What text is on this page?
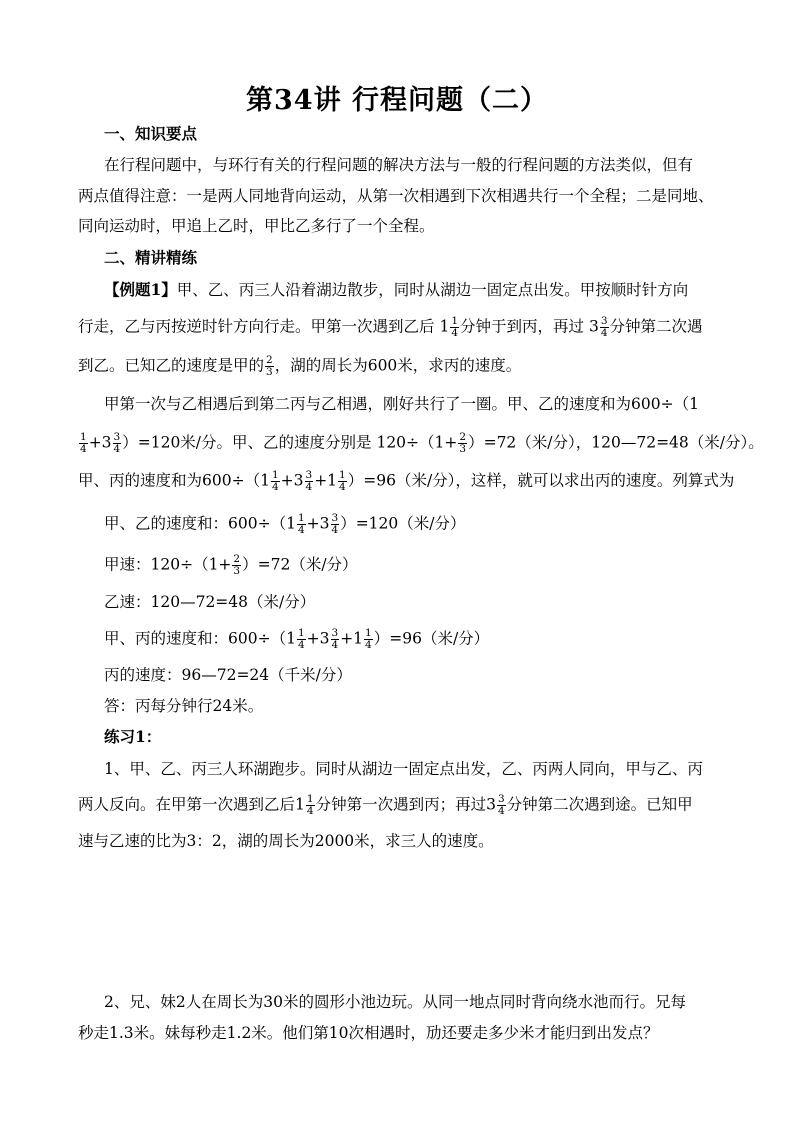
第34讲 行程问题（二）
一、知识要点
在行程问题中，与环行有关的行程问题的解决方法与一般的行程问题的方法类似，但有
两点值得注意：一是两人同地背向运动，从第一次相遇到下次相遇共行一个全程；二是同地、
同向运动时，甲追上乙时，甲比乙多行了一个全程。
二、精讲精练
【例题1】甲、乙、丙三人沿着湖边散步，同时从湖边一固定点出发。甲按顺时针方向
行走，乙与丙按逆时针方向行走。甲第一次遇到乙后 $1 \frac{1}{4}$ 分钟于到丙，再过 $3 \frac{3}{4}$ 分钟第二次遇
到乙。已知乙的速度是甲的 $\frac{2}{3}$ ，湖的周长为600米，求丙的速度。
甲第一次与乙相遇后到第二丙与乙相遇，刚好共行了一圈。甲、乙的速度和为600÷（1
$\frac{1}{4} +3 \frac{3}{4} )=120$米/分。甲、乙的速度分别是 $120\div(1+ \frac{2}{3} )=72$（米/分），120—72=48（米/分）。
甲、丙的速度和为$600\div(1 \frac{1}{4} +3 \frac{3}{4} +1 \frac{1}{4} )=96$（米/分），这样，就可以求出丙的速度。列算式为
甲、乙的速度和：$600\div(1 \frac{1}{4} +3 \frac{3}{4} )=120$（米/分）
甲速：$120\div(1+ \frac{2}{3} )=72$（米/分）
乙速：120—72=48（米/分）
甲、丙的速度和：$600\div(1 \frac{1}{4} +3 \frac{3}{4} +1 \frac{1}{4} )=96$（米/分）
丙的速度：96—72=24（千米/分）
答：丙每分钟行24米。
练习1：
1、甲、乙、丙三人环湖跑步。同时从湖边一固定点出发，乙、丙两人同向，甲与乙、丙
两人反向。在甲第一次遇到乙后$1 \frac{1}{4}$ 分钟第一次遇到丙；再过$3 \frac{3}{4}$ 分钟第二次遇到途。已知甲
速与乙速的比为3：2，湖的周长为2000米，求三人的速度。
2、兄、妹2人在周长为30米的圆形小池边玩。从同一地点同时背向绕水池而行。兄每
秒走1.3米。妹每秒走1.2米。他们第10次相遇时，劢还要走多少米才能归到出发点？
